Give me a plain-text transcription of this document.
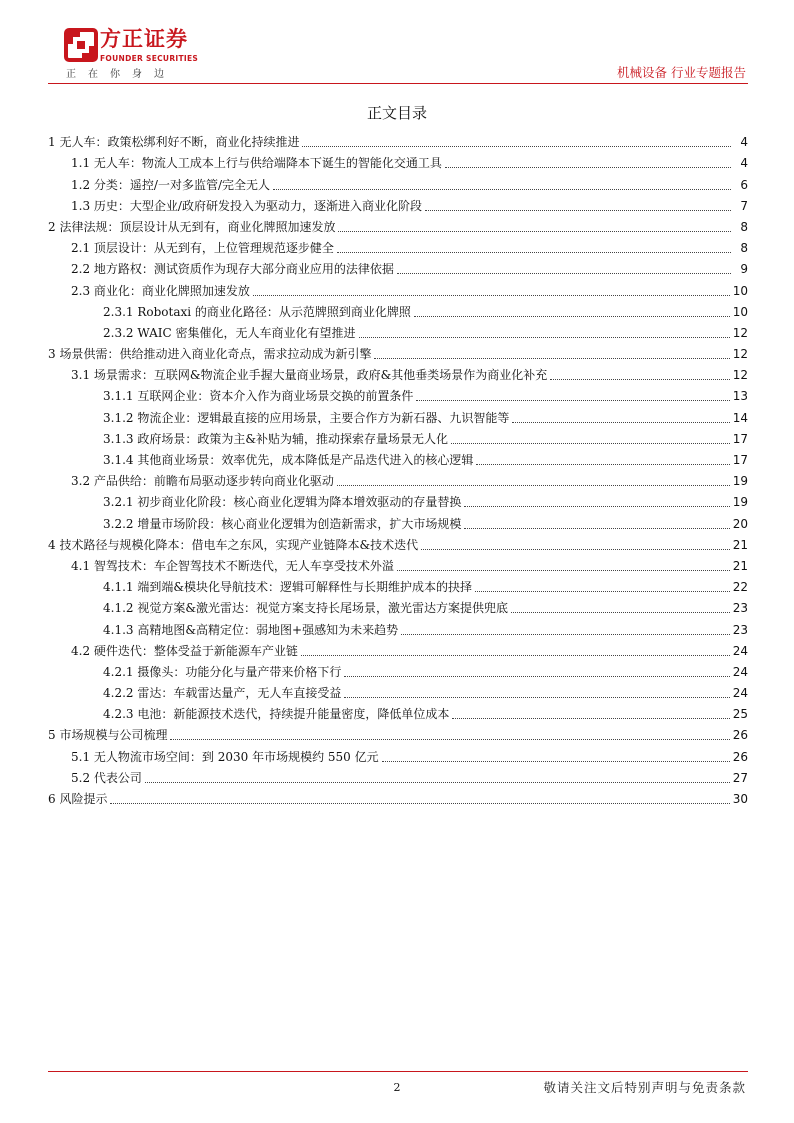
方正证券
FOUNDER SECURITIES
正在你身边	机械设备 行业专题报告
正文目录
1 无人车：政策松绑利好不断，商业化持续推进	4
1.1 无人车：物流人工成本上行与供给端降本下诞生的智能化交通工具	4
1.2 分类：遥控/一对多监管/完全无人	6
1.3 历史：大型企业/政府研发投入为驱动力，逐渐进入商业化阶段	7
2 法律法规：顶层设计从无到有，商业化牌照加速发放	8
2.1 顶层设计：从无到有，上位管理规范逐步健全	8
2.2 地方路权：测试资质作为现存大部分商业应用的法律依据	9
2.3 商业化：商业化牌照加速发放	10
2.3.1 Robotaxi 的商业化路径：从示范牌照到商业化牌照	10
2.3.2 WAIC 密集催化，无人车商业化有望推进	12
3 场景供需：供给推动进入商业化奇点，需求拉动成为新引擎	12
3.1 场景需求：互联网&物流企业手握大量商业场景，政府&其他垂类场景作为商业化补充	12
3.1.1 互联网企业：资本介入作为商业场景交换的前置条件	13
3.1.2 物流企业：逻辑最直接的应用场景，主要合作方为新石器、九识智能等	14
3.1.3 政府场景：政策为主&补贴为辅，推动探索存量场景无人化	17
3.1.4 其他商业场景：效率优先，成本降低是产品迭代进入的核心逻辑	17
3.2 产品供给：前瞻布局驱动逐步转向商业化驱动	19
3.2.1 初步商业化阶段：核心商业化逻辑为降本增效驱动的存量替换	19
3.2.2 增量市场阶段：核心商业化逻辑为创造新需求，扩大市场规模	20
4 技术路径与规模化降本：借电车之东风，实现产业链降本&技术迭代	21
4.1 智驾技术：车企智驾技术不断迭代，无人车享受技术外溢	21
4.1.1 端到端&模块化导航技术：逻辑可解释性与长期维护成本的抉择	22
4.1.2 视觉方案&激光雷达：视觉方案支持长尾场景，激光雷达方案提供兜底	23
4.1.3 高精地图&高精定位：弱地图+强感知为未来趋势	23
4.2 硬件迭代：整体受益于新能源车产业链	24
4.2.1 摄像头：功能分化与量产带来价格下行	24
4.2.2 雷达：车载雷达量产，无人车直接受益	24
4.2.3 电池：新能源技术迭代，持续提升能量密度，降低单位成本	25
5 市场规模与公司梳理	26
5.1 无人物流市场空间：到 2030 年市场规模约 550 亿元	26
5.2 代表公司	27
6 风险提示	30
2	敬请关注文后特别声明与免责条款
